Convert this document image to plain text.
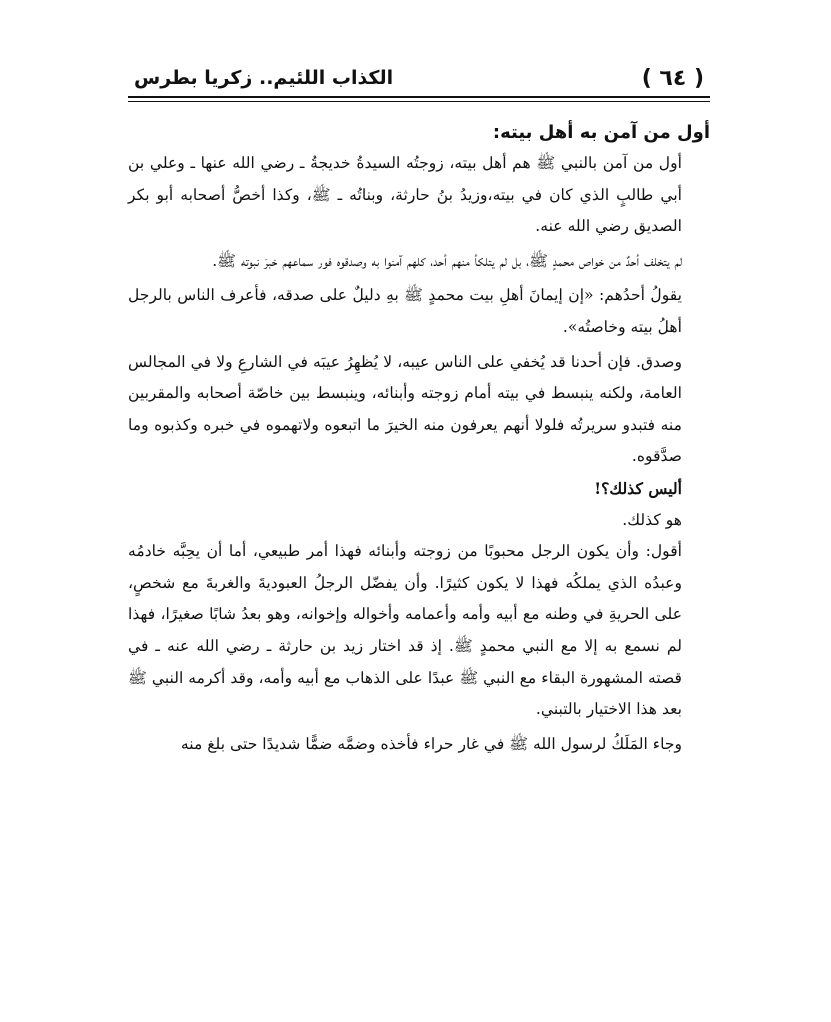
( ٦٤ )
الكذاب اللئيم.. زكريا بطرس
أول من آمن به أهل بيته:

أول من آمن بالنبي ﷺ هم أهل بيته، زوجتُه السيدةُ خديجةُ ـ رضي الله عنها ـ وعلي بن أبي طالبٍ الذي كان في بيته،وزيدُ بنُ حارثة، وبناتُه ـ ﷺ، وكذا أخصُّ أصحابه أبو بكر الصديق رضي الله عنه.

لم يتخلف أحدٌ من خواص محمدٍ ﷺ، بل لم يتلكأ منهم أحد، كلهم آمنوا به وصدقوه فور سماعهم خبرَ نبوته ﷺ.

يقولُ أحدُهم: «إن إيمانَ أهلِ بيت محمدٍ ﷺ بهِ دليلٌ على صدقه، فأعرف الناس بالرجل أهلُ بيته وخاصتُه».

وصدق. فإن أحدنا قد يُخفي على الناس عيبه، لا يُظهِرُ عيبَه في الشارعِ ولا في المجالس العامة، ولكنه ينبسط في بيته أمام زوجته وأبنائه، وينبسط بين خاصّة أصحابه والمقربين منه فتبدو سريرتُه فلولا أنهم يعرفون منه الخيرَ ما اتبعوه ولاتهموه في خبره وكذبوه وما صدَّقوه.

أليس كذلك؟!

هو كذلك.

أقول: وأن يكون الرجل محبوبًا من زوجته وأبنائه فهذا أمر طبيعي، أما أن يحِبَّه خادمُه وعبدُه الذي يملكُه فهذا لا يكون كثيرًا. وأن يفضّل الرجلُ العبوديةَ والغربةَ مع شخصٍ، على الحريةِ في وطنه مع أبيه وأمه وأعمامه وأخواله وإخوانه، وهو بعدُ شابًا صغيرًا، فهذا لم نسمع به إلا مع النبي محمدٍ ﷺ. إذ قد اختار زيد بن حارثة ـ رضي الله عنه ـ في قصته المشهورة البقاء مع النبي ﷺ عبدًا على الذهاب مع أبيه وأمه، وقد أكرمه النبي ﷺ بعد هذا الاختيار بالتبني.

وجاء المَلَكُ لرسول الله ﷺ في غار حراء فأخذه وضمَّه ضمًّا شديدًا حتى بلغ منه
